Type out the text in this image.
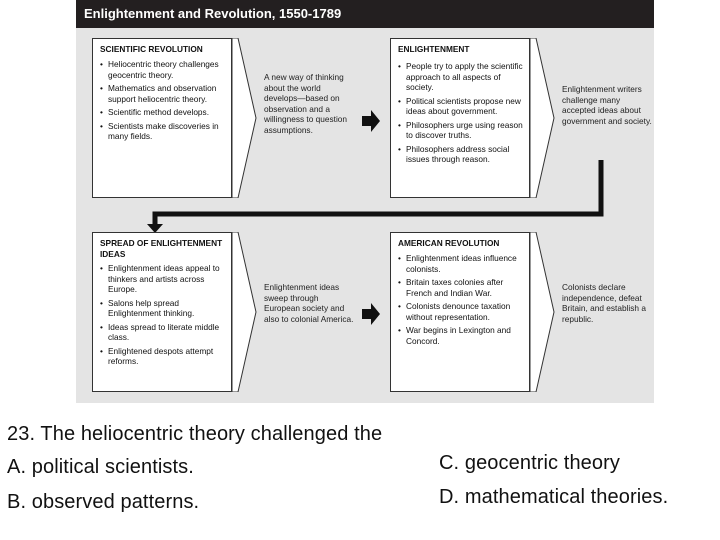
Enlightenment and Revolution, 1550-1789
SCIENTIFIC REVOLUTION
• Heliocentric theory challenges geocentric theory.
• Mathematics and observation support heliocentric theory.
• Scientific method develops.
• Scientists make discoveries in many fields.
A new way of thinking about the world develops—based on observation and a willingness to question assumptions.
ENLIGHTENMENT
• People try to apply the scientific approach to all aspects of society.
• Political scientists propose new ideas about government.
• Philosophers urge using reason to discover truths.
• Philosophers address social issues through reason.
Enlightenment writers challenge many accepted ideas about government and society.
SPREAD OF ENLIGHTENMENT IDEAS
• Enlightenment ideas appeal to thinkers and artists across Europe.
• Salons help spread Enlightenment thinking.
• Ideas spread to literate middle class.
• Enlightened despots attempt reforms.
Enlightenment ideas sweep through European society and also to colonial America.
AMERICAN REVOLUTION
• Enlightenment ideas influence colonists.
• Britain taxes colonies after French and Indian War.
• Colonists denounce taxation without representation.
• War begins in Lexington and Concord.
Colonists declare independence, defeat Britain, and establish a republic.
23. The heliocentric theory challenged the
A. political scientists.
B. observed patterns.
C. geocentric theory
D. mathematical theories.
